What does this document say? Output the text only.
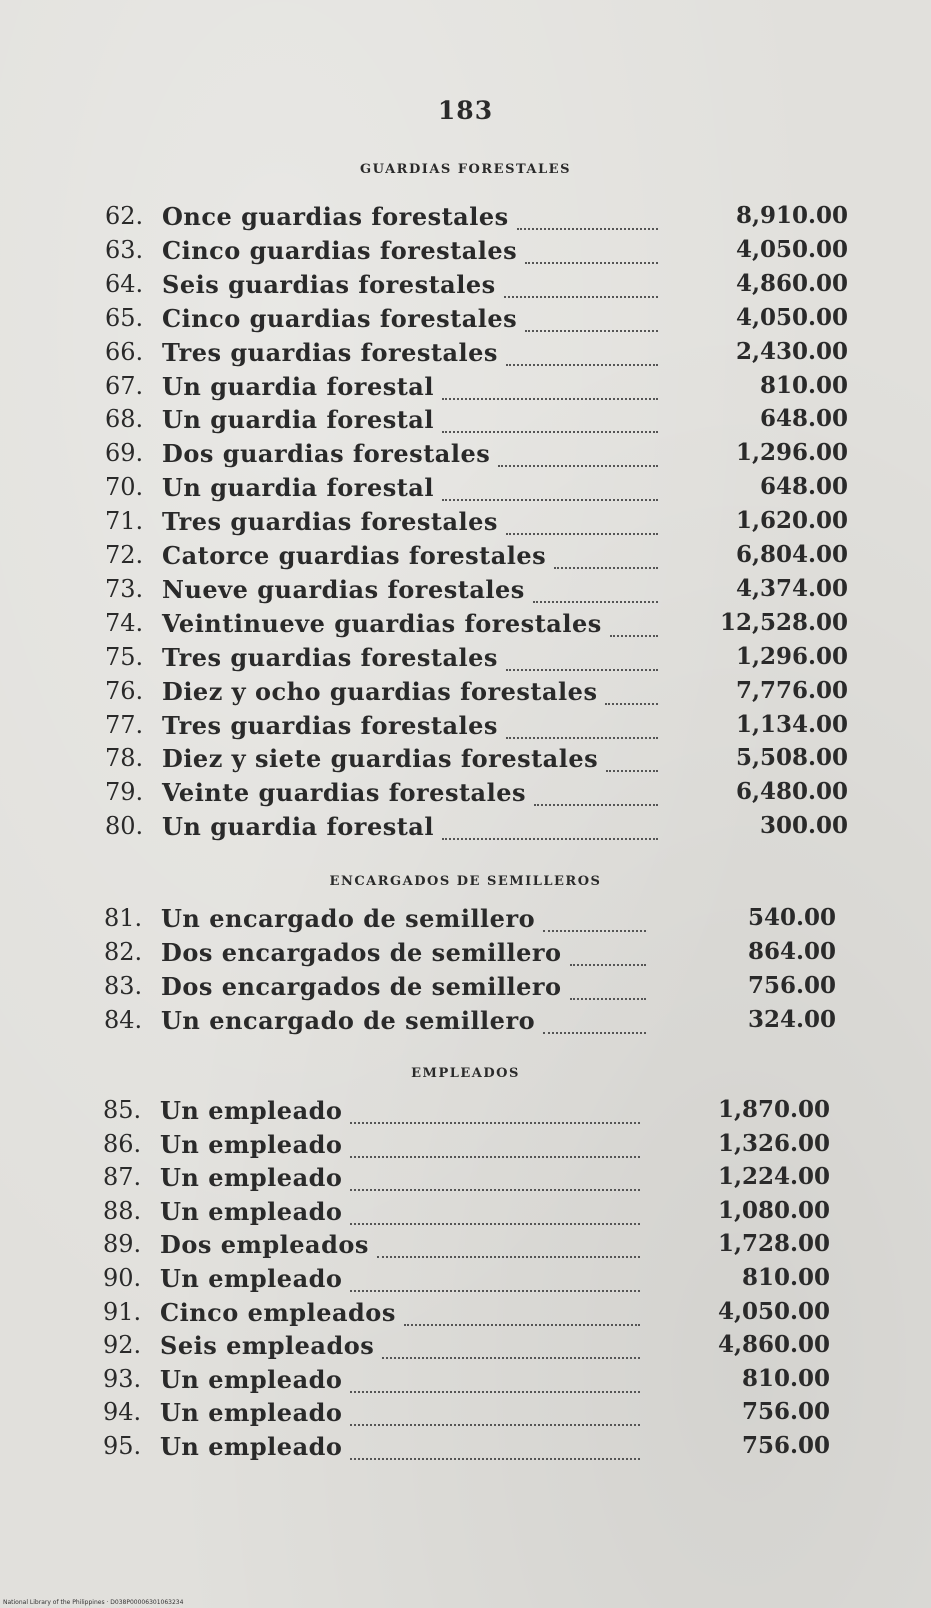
183
GUARDIAS FORESTALES
62. Once guardias forestales	8,910.00
63. Cinco guardias forestales	4,050.00
64. Seis guardias forestales	4,860.00
65. Cinco guardias forestales	4,050.00
66. Tres guardias forestales	2,430.00
67. Un guardia forestal	810.00
68. Un guardia forestal	648.00
69. Dos guardias forestales	1,296.00
70. Un guardia forestal	648.00
71. Tres guardias forestales	1,620.00
72. Catorce guardias forestales	6,804.00
73. Nueve guardias forestales	4,374.00
74. Veintinueve guardias forestales	12,528.00
75. Tres guardias forestales	1,296.00
76. Diez y ocho guardias forestales	7,776.00
77. Tres guardias forestales	1,134.00
78. Diez y siete guardias forestales	5,508.00
79. Veinte guardias forestales	6,480.00
80. Un guardia forestal	300.00
ENCARGADOS DE SEMILLEROS
81. Un encargado de semillero	540.00
82. Dos encargados de semillero	864.00
83. Dos encargados de semillero	756.00
84. Un encargado de semillero	324.00
EMPLEADOS
85. Un empleado	1,870.00
86. Un empleado	1,326.00
87. Un empleado	1,224.00
88. Un empleado	1,080.00
89. Dos empleados	1,728.00
90. Un empleado	810.00
91. Cinco empleados	4,050.00
92. Seis empleados	4,860.00
93. Un empleado	810.00
94. Un empleado	756.00
95. Un empleado	756.00
National Library of the Philippines · D038P00006301063234
